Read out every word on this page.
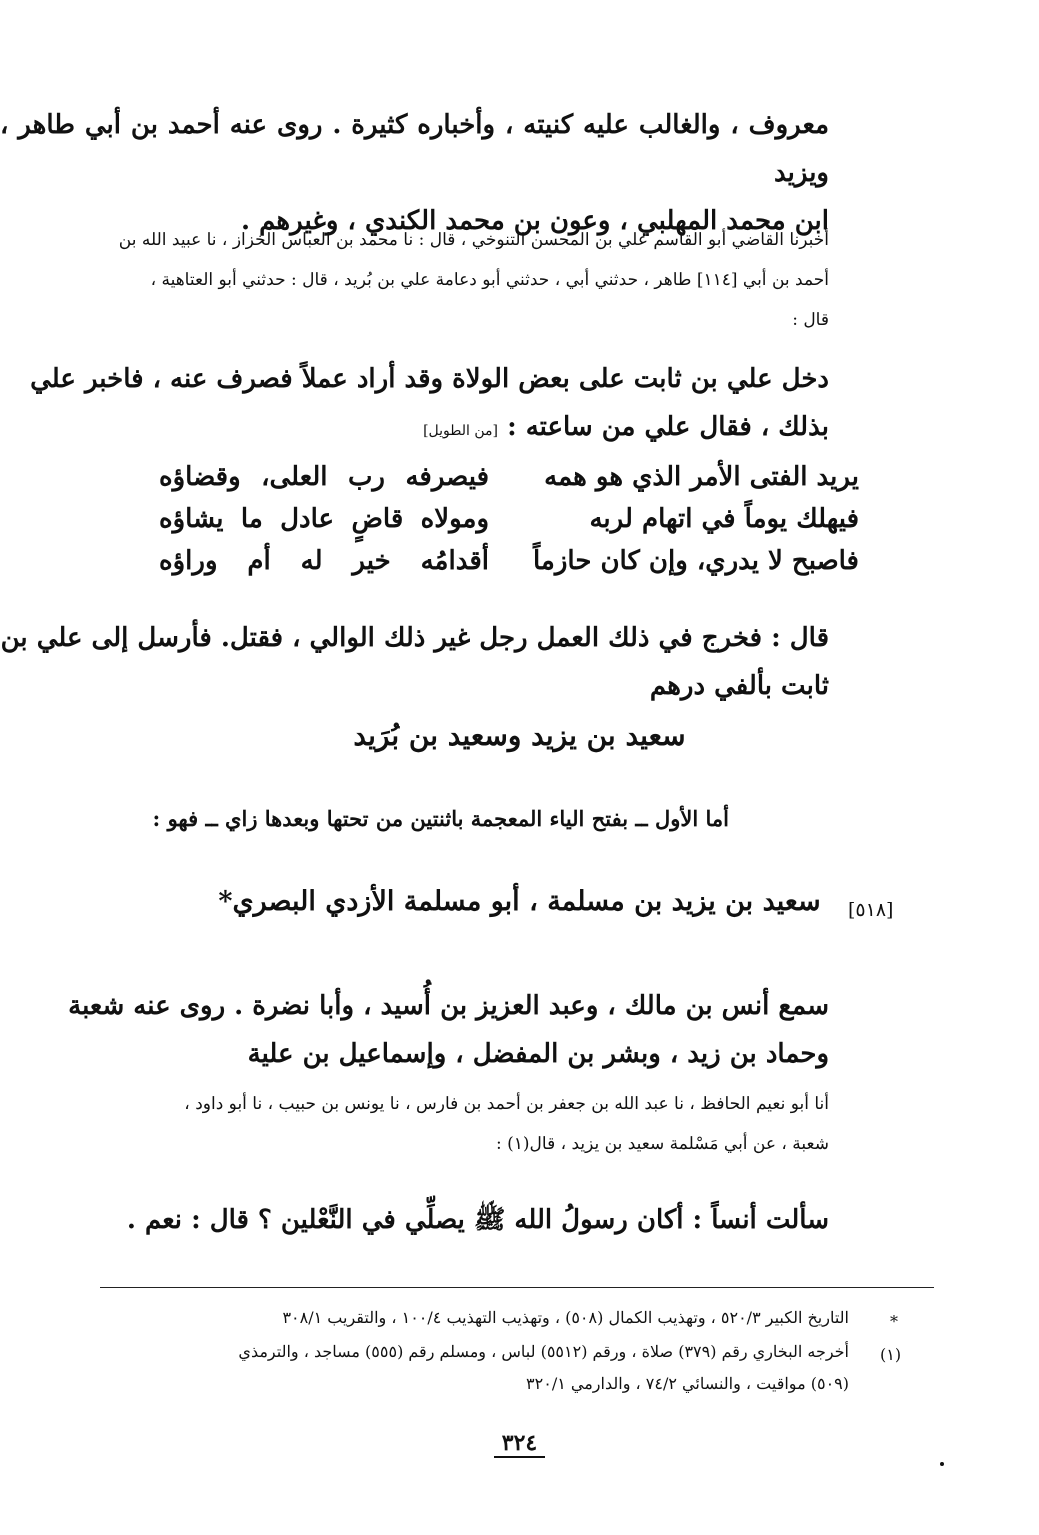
معروف ، والغالب عليه كنيته ، وأخباره كثيرة . روى عنه أحمد بن أبي طاهر ، ويزيد
ابن محمد المهلبي ، وعون بن محمد الكندي ، وغيرهم .
أخبرنا القاضي أبو القاسم علي بن المحسن التنوخي ، قال : نا محمد بن العباس الخزاز ، نا عبيد الله بن
أحمد بن أبي [١١٤] طاهر ، حدثني أبي ، حدثني أبو دعامة علي بن بُريد ، قال : حدثني أبو العتاهية ،
قال :
دخل علي بن ثابت على بعض الولاة وقد أراد عملاً فصرف عنه ، فاخبر علي
بذلك ، فقال علي من ساعته : [من الطويل]
يريد الفتى الأمر الذي هو همه
فيصرفه رب العلى، وقضاؤه
فيهلك يوماً في اتهام لربه
ومولاه قاضٍ عادل ما يشاؤه
فاصبح لا يدري، وإن كان حازماً
أقدامُه خير له أم وراؤه
قال : فخرج في ذلك العمل رجل غير ذلك الوالي ، فقتل. فأرسل إلى علي بن
ثابت بألفي درهم
سعيد بن يزيد وسعيد بن بُرَيد
أما الأول ــ بفتح الياء المعجمة باثنتين من تحتها وبعدها زاي ــ فهو :
[٥١٨]
سعيد بن يزيد بن مسلمة ، أبو مسلمة الأزدي البصري*
سمع أنس بن مالك ، وعبد العزيز بن أُسيد ، وأبا نضرة . روى عنه شعبة
وحماد بن زيد ، وبشر بن المفضل ، وإسماعيل بن علية
أنا أبو نعيم الحافظ ، نا عبد الله بن جعفر بن أحمد بن فارس ، نا يونس بن حبيب ، نا أبو داود ،
شعبة ، عن أبي مَسْلمة سعيد بن يزيد ، قال(١) :
سألت أنساً : أكان رسولُ الله ﷺ يصلِّي في النَّعْلين ؟ قال : نعم .
*
التاريخ الكبير ٥٢٠/٣ ، وتهذيب الكمال (٥٠٨) ، وتهذيب التهذيب ١٠٠/٤ ، والتقريب ٣٠٨/١
(١)
أخرجه البخاري رقم (٣٧٩) صلاة ، ورقم (٥٥١٢) لباس ، ومسلم رقم (٥٥٥) مساجد ، والترمذي
(٥٠٩) مواقيت ، والنسائي ٧٤/٢ ، والدارمي ٣٢٠/١
٣٢٤
